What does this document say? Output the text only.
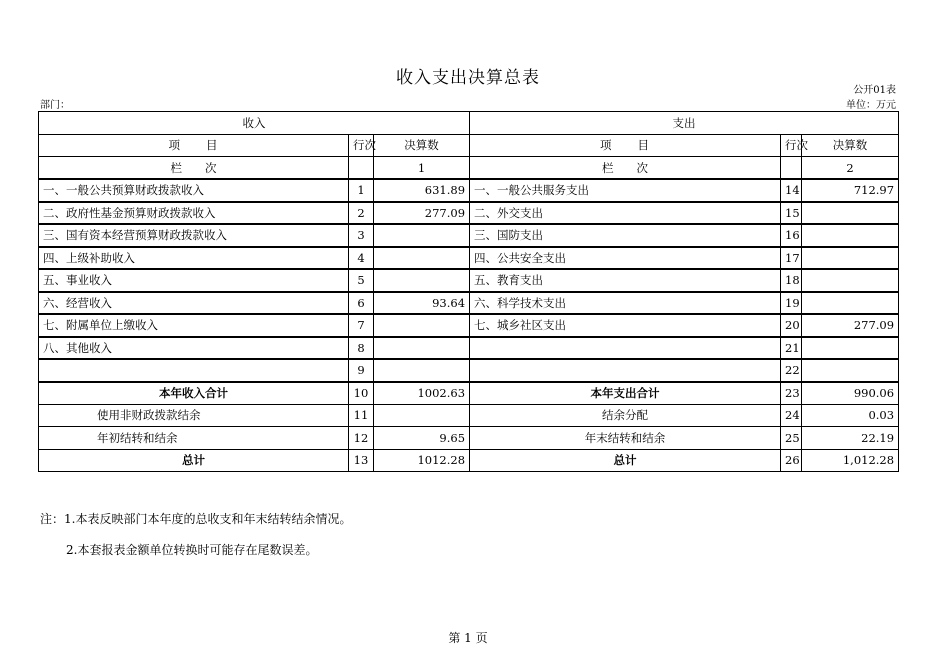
收入支出决算总表
公开01表
部门：	单位：万元
收入			支出		
项　　目	行次	决算数	项　　目	行次	决算数
栏　　次		1	栏　　次		2
一、一般公共预算财政拨款收入	1	631.89	一、一般公共服务支出	14	712.97
二、政府性基金预算财政拨款收入	2	277.09	二、外交支出	15	
三、国有资本经营预算财政拨款收入	3		三、国防支出	16	
四、上级补助收入	4		四、公共安全支出	17	
五、事业收入	5		五、教育支出	18	
六、经营收入	6	93.64	六、科学技术支出	19	
七、附属单位上缴收入	7		七、城乡社区支出	20	277.09
八、其他收入	8			21	
	9			22	
本年收入合计	10	1002.63	本年支出合计	23	990.06
使用非财政拨款结余	11		结余分配	24	0.03
年初结转和结余	12	9.65	年末结转和结余	25	22.19
总计	13	1012.28	总计	26	1,012.28
注：1.本表反映部门本年度的总收支和年末结转结余情况。
2.本套报表金额单位转换时可能存在尾数误差。
第 1 页
